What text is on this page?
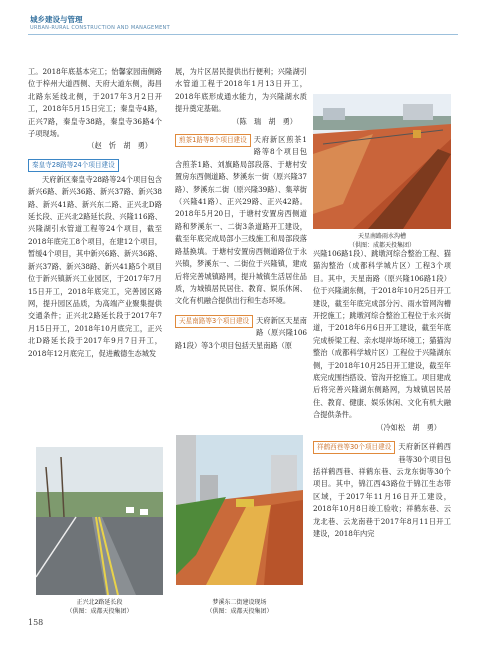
城乡建设与管理
URBAN-RURAL CONSTRUCTION AND MANAGEMENT

工。2018年底基本完工；怡馨家园南侧路位于梓州大道西侧、天府大道东侧，海昌北路东延线北侧，于2017年3月2日开工，2018年5月15日完工；秦皇寺4路，正兴7路，秦皇寺38路，秦皇寺36路4个子项现场。

（赵　忻　胡　勇）

秦皇寺28路等24个项目建设

天府新区秦皇寺28路等24个项目包含新兴6路、新兴36路、新兴37路、新兴38路、新兴41路、新兴东二路、正兴北D路延长段、正兴北2路延长段、兴隆116路、兴隆湖引水管道工程等24个项目，截至2018年底完工8个项目，在建12个项目，暂缓4个项目，其中新兴6路、新兴36路、新兴37路、新兴38路、新兴41路5个项目位于新兴镇新兴工业园区，于2017年7月15日开工，2018年底完工，完善园区路网，提升园区品质，为高端产业聚集提供交通条件；正兴北2路延长段于2017年7月15日开工，2018年10月底完工，正兴北D路延长段于2017年9月7日开工，2018年12月底完工，促进戴德生态城发

展，为片区居民提供出行便利；兴隆湖引水管道工程于2018年1月13日开工，2018年底形成通水能力，为兴隆湖水质提升奠定基础。

（陈　瑞　胡　勇）

煎茶1路等8个项目建设 天府新区煎茶1路等8个项目包含煎茶1路、刘旗路局部段落、于塘村安置房东西侧道路、梦溪东一街（原兴隆37路）、梦溪东二街（原兴隆39路）、集萃街（兴隆41路）、正兴29路、正兴42路。2018年5月20日，于塘村安置房西侧道路和梦溪东一、二街3条道路开工建设，截至年底完成局部小三线施工和局部段落路基换填。于塘村安置房西侧道路位于永兴镇，梦溪东一、二街位于兴隆镇，建成后将完善城镇路网，提升城镇生活居住品质，为城镇居民居住、教育、娱乐休闲、文化有机融合提供出行和生态环境。

天星南路等3个项目建设 天府新区天星南路（原兴隆106路1段）等3个项目包括天星南路（原

兴隆106路1段）、跳墩河综合整治工程、猫猫沟整治（成都科学城片区）工程3个项目。其中，天星南路（原兴隆106路1段）位于兴隆湖东侧，于2018年10月25日开工建设，截至年底完成部分污、雨水管网沟槽开挖施工；跳墩河综合整治工程位于永兴街道，于2018年6月6日开工建设，截至年底完成桥梁工程、亲水堤岸场环境工；猫猫沟整治（成都科学城片区）工程位于兴隆湖东侧，于2018年10月25日开工建设，截至年底完成围挡搭设、管沟开挖施工。项目建成后将完善兴隆湖东侧路网，为城镇居民居住、教育、健康、娱乐休闲、文化有机大融合提供条件。

（冷如松　胡　勇）

祥鹤西巷等30个项目建设 天府新区祥鹤西巷等30个项目包括祥鹤西巷、祥鹤东巷、云龙东街等30个项目。其中，锦江西43路位于锦江生态带区域，于2017年11月16日开工建设，2018年10月8日竣工验收；祥鹤东巷、云龙北巷、云龙南巷于2017年8月11日开工建设，2018年内完

天星南路雨水沟槽
（供图：成都天投集团）
正兴北2路延长段
（供图：成都天投集团）
梦溪东二街建设现场
（供图：成都天投集团）
158
